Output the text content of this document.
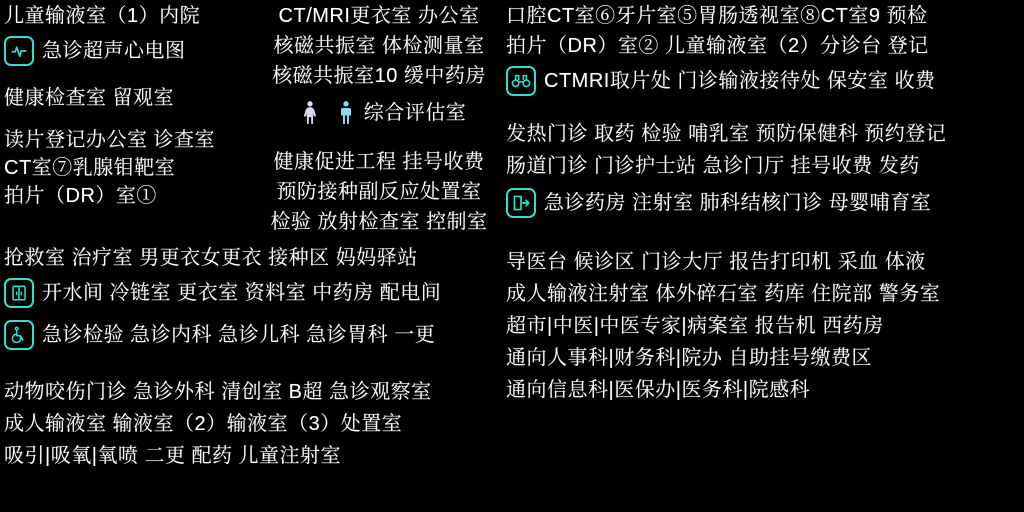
儿童输液室（1）内院
急诊超声心电图
健康检查室 留观室
读片登记办公室 诊查室
CT室⑦乳腺钼靶室
拍片（DR）室①
抢救室 治疗室 男更衣女更衣 接种区 妈妈驿站
开水间 冷链室 更衣室 资料室 中药房 配电间
急诊检验 急诊内科 急诊儿科 急诊胃科 一更
动物咬伤门诊 急诊外科 清创室 B超 急诊观察室
成人输液室 输液室（2）输液室（3）处置室
吸引|吸氧|氧喷 二更 配药 儿童注射室
CT/MRI更衣室 办公室
核磁共振室 体检测量室
核磁共振室10 缓中药房
综合评估室
健康促进工程 挂号收费
预防接种副反应处置室
检验 放射检查室 控制室
口腔CT室⑥牙片室⑤胃肠透视室⑧CT室9 预检
拍片（DR）室② 儿童输液室（2）分诊台 登记
CTMRI取片处 门诊输液接待处 保安室 收费
发热门诊 取药 检验 哺乳室 预防保健科 预约登记
肠道门诊 门诊护士站 急诊门厅 挂号收费 发药
急诊药房 注射室 肺科结核门诊 母婴哺育室
导医台 候诊区 门诊大厅 报告打印机 采血 体液
成人输液注射室 体外碎石室 药库 住院部 警务室
超市|中医|中医专家|病案室 报告机 西药房
通向人事科|财务科|院办 自助挂号缴费区
通向信息科|医保办|医务科|院感科
